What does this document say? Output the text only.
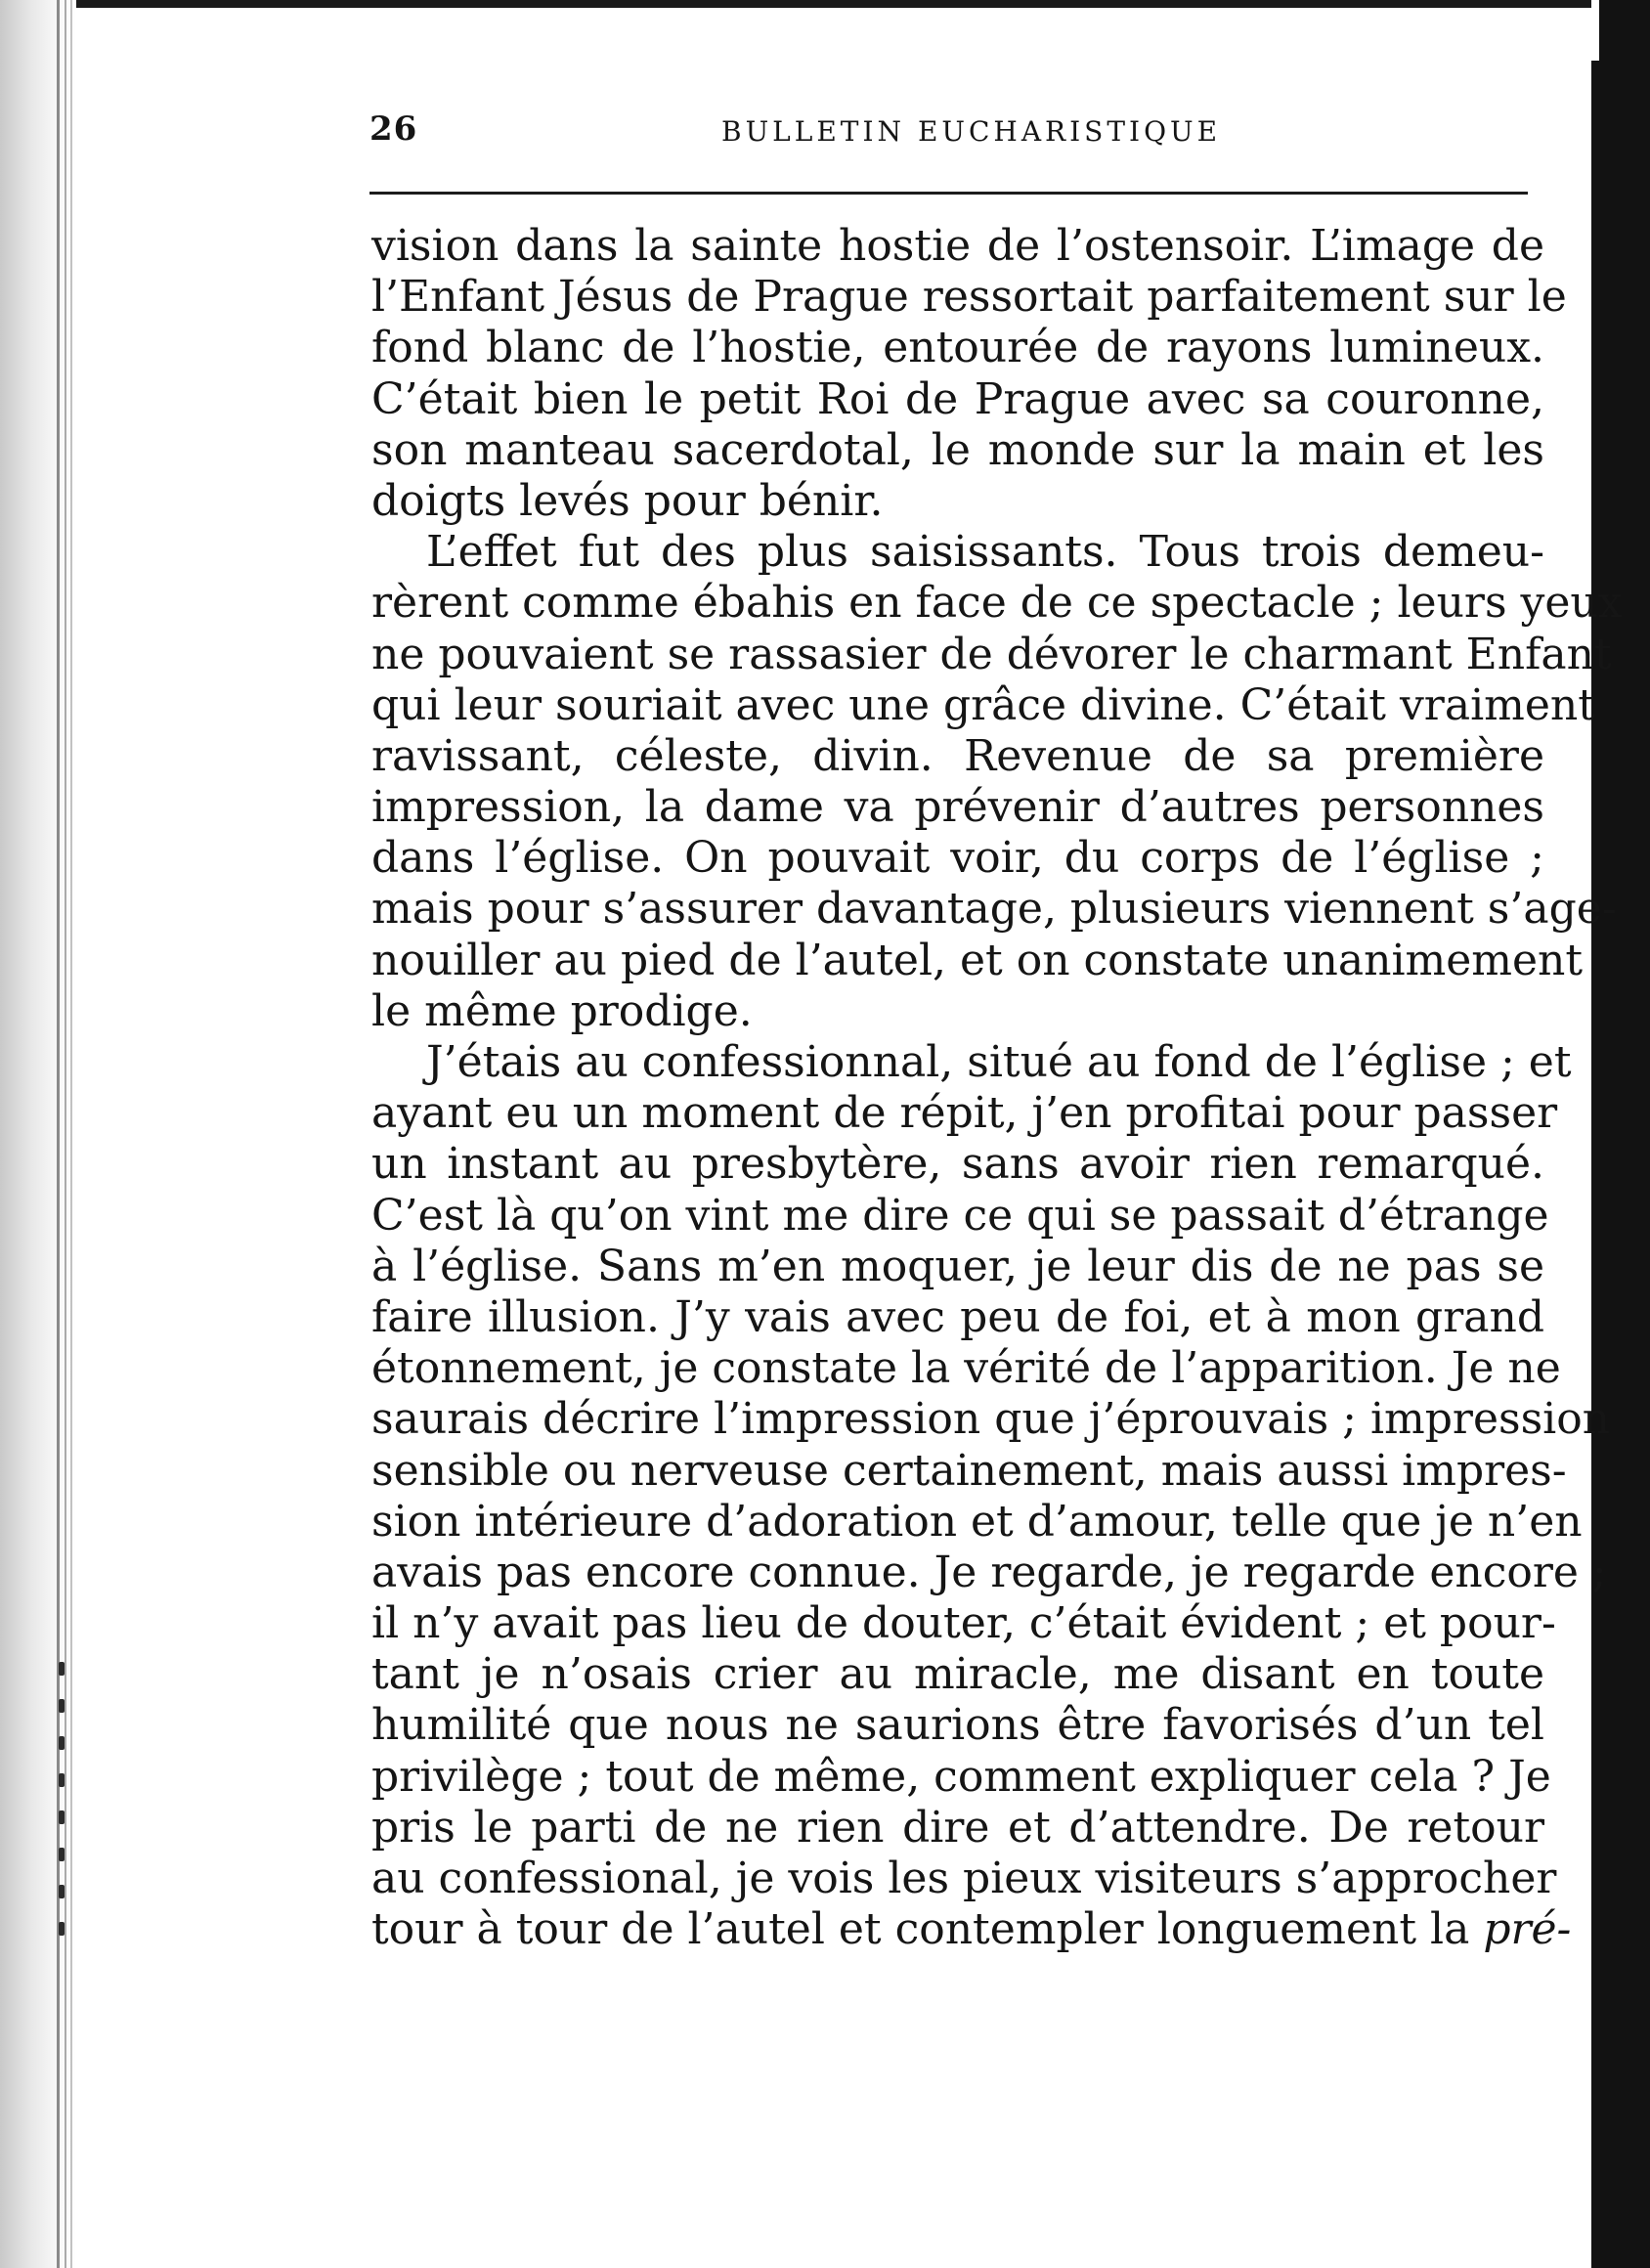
26	BULLETIN EUCHARISTIQUE
vision dans la sainte hostie de l’ostensoir. L’image de
l’Enfant Jésus de Prague ressortait parfaitement sur le
fond blanc de l’hostie, entourée de rayons lumineux.
C’était bien le petit Roi de Prague avec sa couronne,
son manteau sacerdotal, le monde sur la main et les
doigts levés pour bénir.
L’effet fut des plus saisissants. Tous trois demeu-
rèrent comme ébahis en face de ce spectacle ; leurs yeux
ne pouvaient se rassasier de dévorer le charmant Enfant
qui leur souriait avec une grâce divine. C’était vraiment
ravissant, céleste, divin. Revenue de sa première
impression, la dame va prévenir d’autres personnes
dans l’église. On pouvait voir, du corps de l’église ;
mais pour s’assurer davantage, plusieurs viennent s’age-
nouiller au pied de l’autel, et on constate unanimement
le même prodige.
J’étais au confessionnal, situé au fond de l’église ; et
ayant eu un moment de répit, j’en profitai pour passer
un instant au presbytère, sans avoir rien remarqué.
C’est là qu’on vint me dire ce qui se passait d’étrange
à l’église. Sans m’en moquer, je leur dis de ne pas se
faire illusion. J’y vais avec peu de foi, et à mon grand
étonnement, je constate la vérité de l’apparition. Je ne
saurais décrire l’impression que j’éprouvais ; impression
sensible ou nerveuse certainement, mais aussi impres-
sion intérieure d’adoration et d’amour, telle que je n’en
avais pas encore connue. Je regarde, je regarde encore ;
il n’y avait pas lieu de douter, c’était évident ; et pour-
tant je n’osais crier au miracle, me disant en toute
humilité que nous ne saurions être favorisés d’un tel
privilège ; tout de même, comment expliquer cela ? Je
pris le parti de ne rien dire et d’attendre. De retour
au confessional, je vois les pieux visiteurs s’approcher
tour à tour de l’autel et contempler longuement la pré-
